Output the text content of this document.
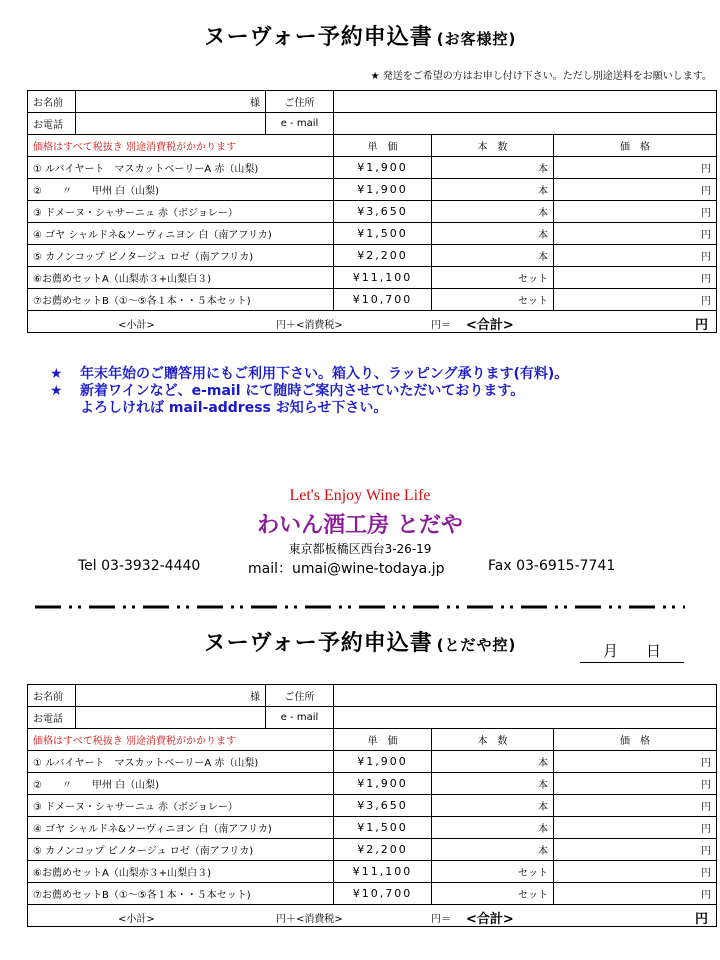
ヌーヴォー予約申込書 (お客様控)
★ 発送をご希望の方はお申し付け下さい。ただし別途送料をお願いします。
お名前	様	ご住所			
お電話		e - mail			
価格はすべて税抜き 別途消費税がかかります			単　価	本　数	価　格
① ルバイヤート　マスカットベーリーA 赤（山梨)			¥1,900	本	円
②　　〃　　甲州 白（山梨)			¥1,900	本	円
③ ドメーヌ・シャサーニュ 赤（ボジョレー）			¥3,650	本	円
④ ゴヤ シャルドネ&ソーヴィニヨン 白（南アフリカ)			¥1,500	本	円
⑤ カノンコップ ピノタージュ ロゼ（南アフリカ)			¥2,200	本	円
⑥お薦めセットA（山梨赤３+山梨白３)			¥11,100	セット	円
⑦お薦めセットB（①〜⑤各１本・・５本セット)			¥10,700	セット	円

<小計> 円＋<消費税> 円＝ <合計> 円					
★	年末年始のご贈答用にもご利用下さい。箱入り、ラッピング承ります(有料)。
★	新着ワインなど、e-mail にて随時ご案内させていただいております。
よろしければ mail-address お知らせ下さい。
Let's Enjoy Wine Life
わいん酒工房 とだや
東京都板橋区西台3-26-19
Tel 03-3932-4440	mail：umai@wine-todaya.jp	Fax 03-6915-7741
ヌーヴォー予約申込書 (とだや控)	月 日
お名前	様	ご住所			
お電話		e - mail			
価格はすべて税抜き 別途消費税がかかります			単　価	本　数	価　格
① ルバイヤート　マスカットベーリーA 赤（山梨)			¥1,900	本	円
②　　〃　　甲州 白（山梨)			¥1,900	本	円
③ ドメーヌ・シャサーニュ 赤（ボジョレー）			¥3,650	本	円
④ ゴヤ シャルドネ&ソーヴィニヨン 白（南アフリカ)			¥1,500	本	円
⑤ カノンコップ ピノタージュ ロゼ（南アフリカ)			¥2,200	本	円
⑥お薦めセットA（山梨赤３+山梨白３)			¥11,100	セット	円
⑦お薦めセットB（①〜⑤各１本・・５本セット)			¥10,700	セット	円

<小計> 円＋<消費税> 円＝ <合計> 円					
